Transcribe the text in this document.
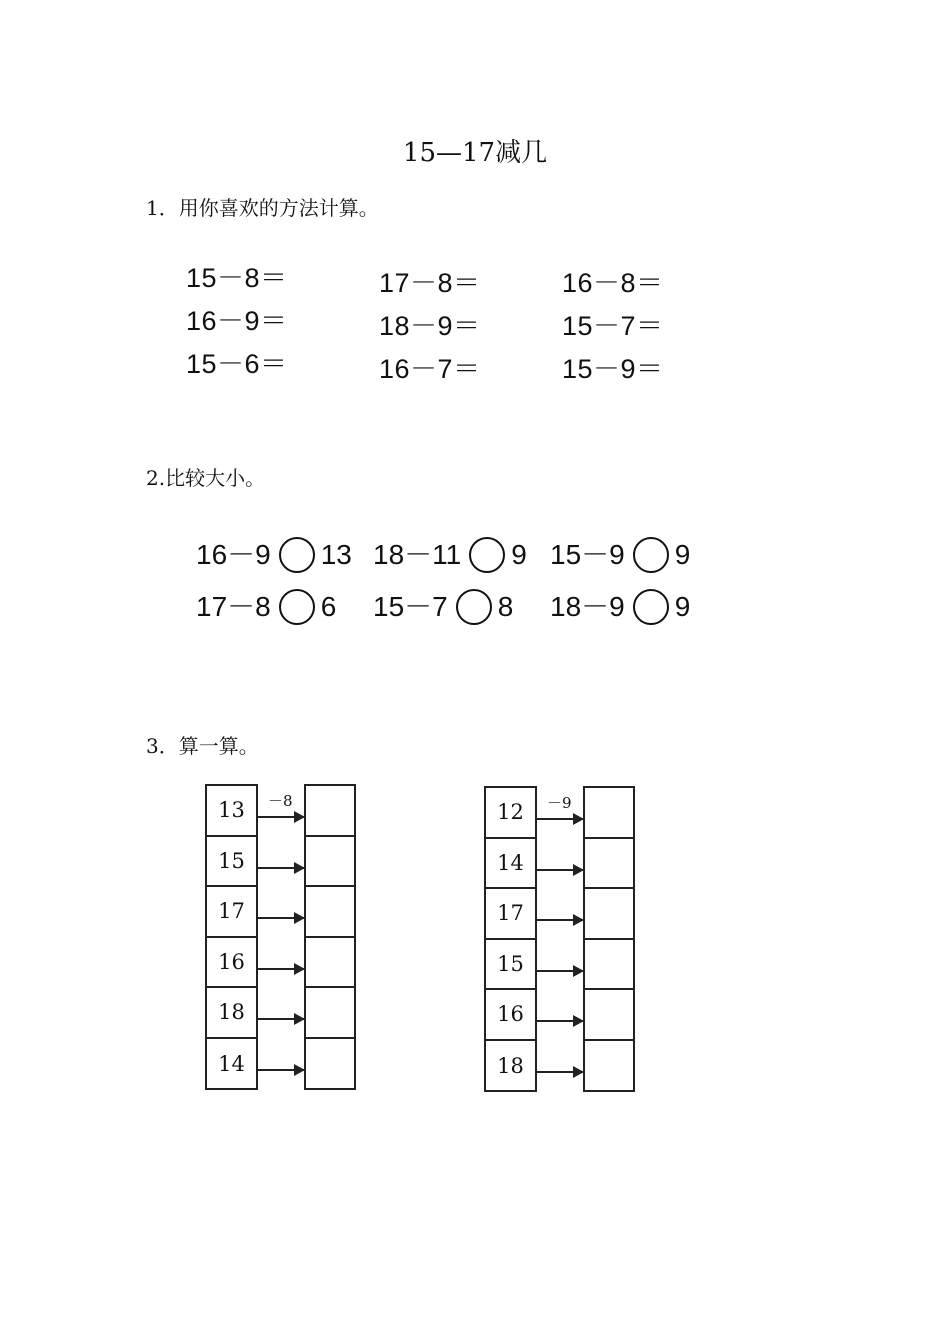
15—17减几
1．用你喜欢的方法计算。
15－8＝
16－9＝
15－6＝
17－8＝
18－9＝
16－7＝
16－8＝
15－7＝
15－9＝
2.比较大小。
16－9 13 18－11 9 15－9 9
17－8 6 15－7 8 18－9 9
3．算一算。
13
15
17
16
18
14
－8	12
14
17
15
16
18
－9
